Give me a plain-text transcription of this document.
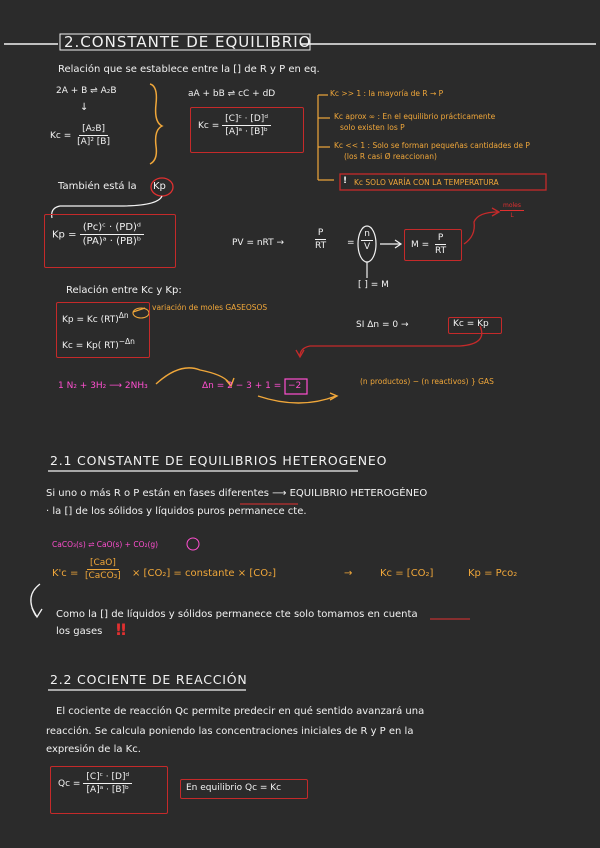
2.CONSTANTE DE EQUILIBRIO
Relación que se establece entre la [] de R y P en eq.
2A + B ⇌ A₂B
↓
$Kc = \frac{\text{[A₂B]}}{\text{[A]² [B]}}$
aA + bB ⇌ cC + dD
$Kc = \frac{\text{[C]ᶜ · [D]ᵈ}}{\text{[A]ᵃ · [B]ᵇ}}$
Kc >> 1 : la mayoría de R → P
Kc aprox ∞ : En el equilibrio prácticamente
solo existen los P
Kc << 1 : Solo se forman pequeñas cantidades de P
(los R casi Ø reaccionan)
! Kc SOLO VARÍA CON LA TEMPERATURA
También está la Kp
$Kp = \frac{\text{(Pc)ᶜ · (PD)ᵈ}}{\text{(PA)ᵃ · (PB)ᵇ}}$	PV = nRT →	$\frac{P}{RT} = \frac{n}{V}$
[ ] = M
$M = \frac{P}{RT}$
$\frac{\text{moles}}{L}$
Relación entre Kc y Kp:
Kp = Kc (RT)$^{\Delta n}$
variación de moles GASEOSOS
Kc = Kp( RT)$^{-\Delta n}$
SI Δn = 0 →	Kc = Kp
1 N₂ + 3H₂ ⟶ 2NH₃	Δn = 2 − 3 + 1 = −2	(n productos) − (n reactivos) } GAS
2.1 CONSTANTE DE EQUILIBRIOS HETEROGENEO
Si uno o más R o P están en fases diferentes ⟶ EQUILIBRIO HETEROGÉNEO
· la [] de los sólidos y líquidos puros permanece cte.
CaCO₃(s) ⇌ CaO(s) + CO₂(g)
$K'c = \frac{\text{[CaO]}}{\text{[CaCO₃]}} \times [CO_2]$ = constante × [CO₂]	→	Kc = [CO₂]	Kp = Pco₂
Como la [] de líquidos y sólidos permanece cte solo tomamos en cuenta
los gases ‼
2.2 COCIENTE DE REACCIÓN
El cociente de reacción Qc permite predecir en qué sentido avanzará una
reacción. Se calcula poniendo las concentraciones iniciales de R y P en la
expresión de la Kc.
$Qc = \frac{\text{[C]ᶜ · [D]ᵈ}}{\text{[A]ᵃ · [B]ᵇ}}$	En equilibrio Qc = Kc
